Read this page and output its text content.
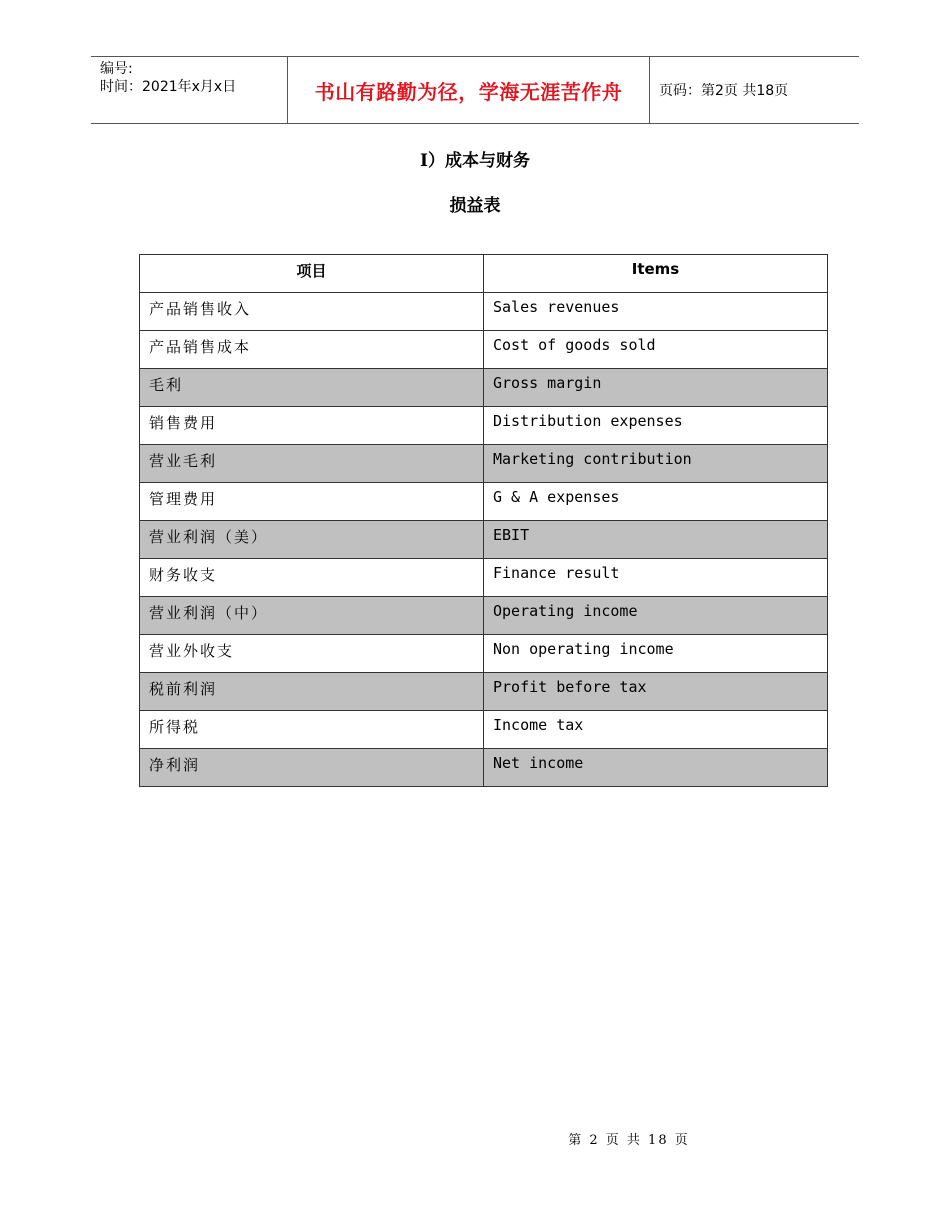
编号:
时间：2021年x月x日	书山有路勤为径，学海无涯苦作舟	页码：第2页 共18页
I）成本与财务
损益表
项目	Items
产品销售收入	Sales revenues
产品销售成本	Cost of goods sold
毛利	Gross margin
销售费用	Distribution expenses
营业毛利	Marketing contribution
管理费用	G & A expenses
营业利润（美）	EBIT
财务收支	Finance result
营业利润（中）	Operating income
营业外收支	Non operating income
税前利润	Profit before tax
所得税	Income tax
净利润	Net income
第 2 页 共 18 页
